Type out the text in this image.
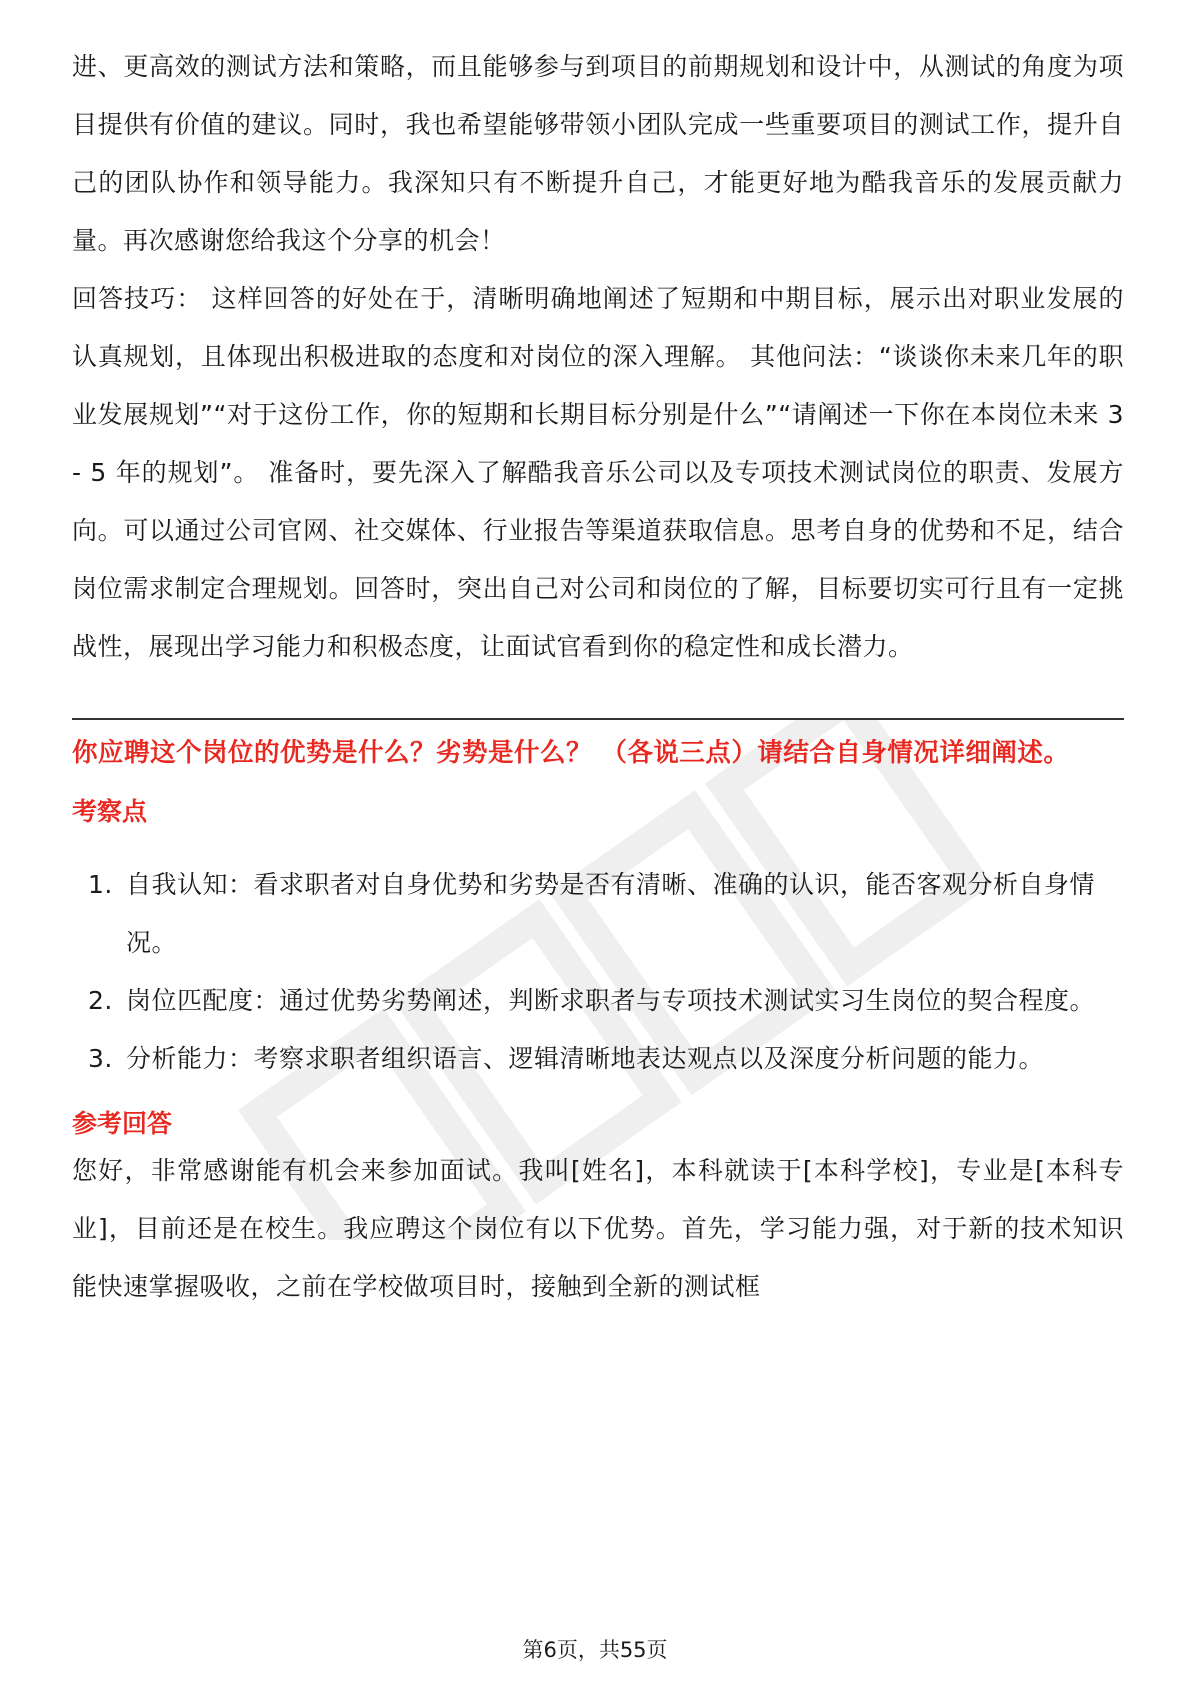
进、更高效的测试方法和策略，而且能够参与到项目的前期规划和设计中，从测试的角度为项目提供有价值的建议。同时，我也希望能够带领小团队完成一些重要项目的测试工作，提升自己的团队协作和领导能力。我深知只有不断提升自己，才能更好地为酷我音乐的发展贡献力量。再次感谢您给我这个分享的机会！

回答技巧： 这样回答的好处在于，清晰明确地阐述了短期和中期目标，展示出对职业发展的认真规划，且体现出积极进取的态度和对岗位的深入理解。 其他问法：“谈谈你未来几年的职业发展规划”“对于这份工作，你的短期和长期目标分别是什么”“请阐述一下你在本岗位未来 3 - 5 年的规划”。 准备时，要先深入了解酷我音乐公司以及专项技术测试岗位的职责、发展方向。可以通过公司官网、社交媒体、行业报告等渠道获取信息。思考自身的优势和不足，结合岗位需求制定合理规划。回答时，突出自己对公司和岗位的了解，目标要切实可行且有一定挑战性，展现出学习能力和积极态度，让面试官看到你的稳定性和成长潜力。

你应聘这个岗位的优势是什么？劣势是什么？ （各说三点）请结合自身情况详细阐述。
考察点
1. 自我认知：看求职者对自身优势和劣势是否有清晰、准确的认识，能否客观分析自身情况。
2. 岗位匹配度：通过优势劣势阐述，判断求职者与专项技术测试实习生岗位的契合程度。
3. 分析能力：考察求职者组织语言、逻辑清晰地表达观点以及深度分析问题的能力。
参考回答

您好，非常感谢能有机会来参加面试。我叫[姓名]，本科就读于[本科学校]，专业是[本科专业]，目前还是在校生。我应聘这个岗位有以下优势。首先，学习能力强，对于新的技术知识能快速掌握吸收，之前在学校做项目时，接触到全新的测试框

第6页，共55页
